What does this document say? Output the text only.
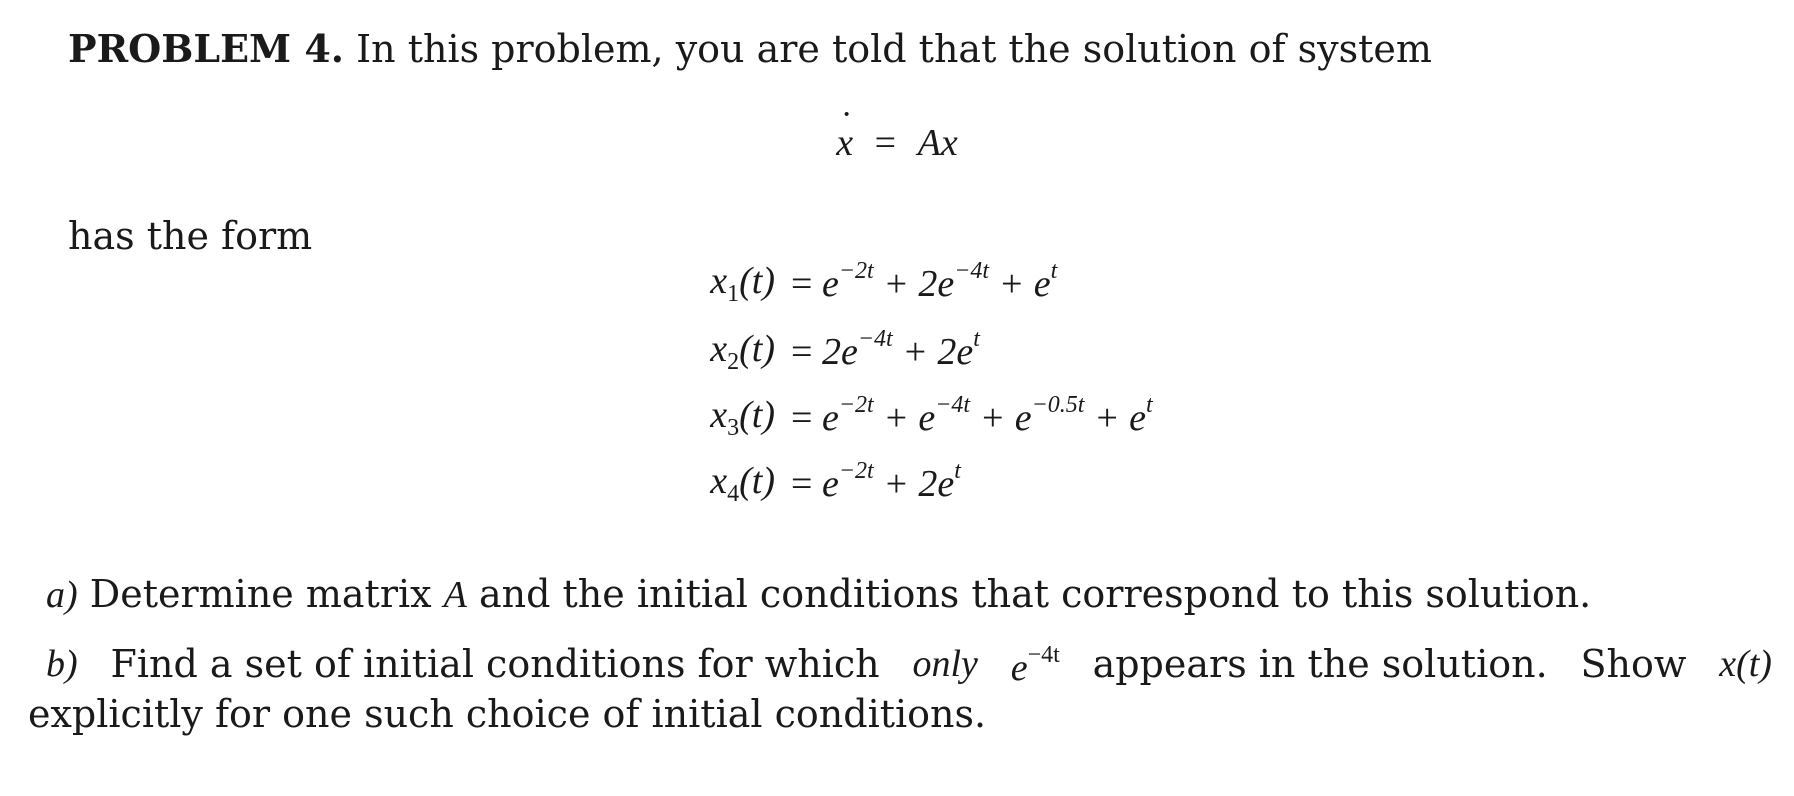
PROBLEM 4. In this problem, you are told that the solution of system
˙ x = Ax
has the form
$x_1(t) = e^{-2t} + 2e^{-4t} + e^t$
$x_2(t) = 2e^{-4t} + 2e^t$
$x_3(t) = e^{-2t} + e^{-4t} + e^{-0.5t} + e^t$
$x_4(t) = e^{-2t} + 2e^t$
a) Determine matrix A and the initial conditions that correspond to this solution.
b) Find a set of initial conditions for which only $e^{-4t}$ appears in the solution. Show x(t)
explicitly for one such choice of initial conditions.
